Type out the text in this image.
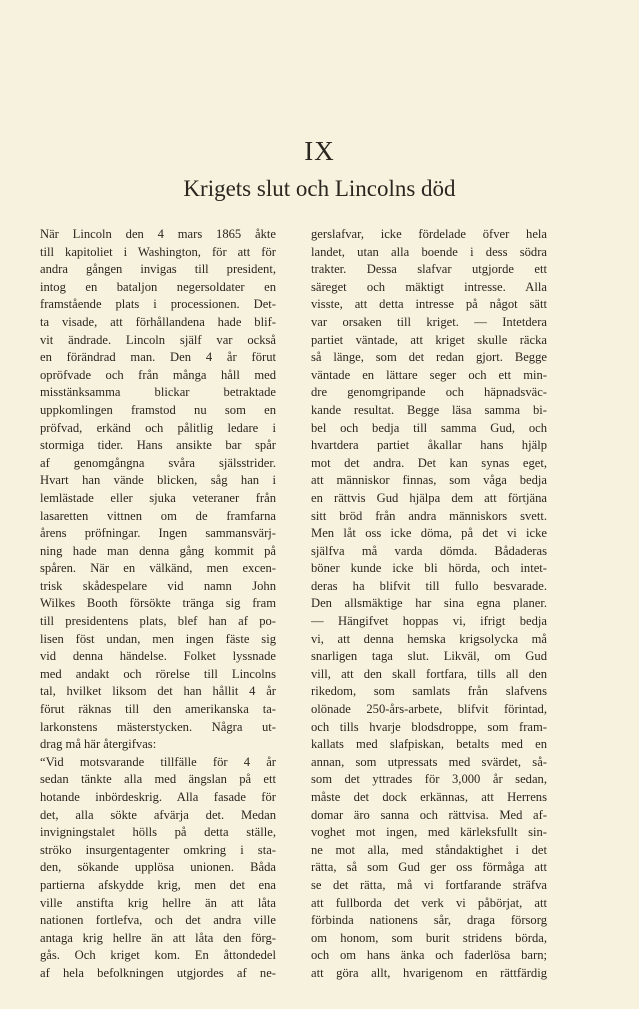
IX
Krigets slut och Lincolns död
När Lincoln den 4 mars 1865 åkte
till kapitoliet i Washington, för att för
andra gången invigas till president,
intog en bataljon negersoldater en
framstående plats i processionen. Det-
ta visade, att förhållandena hade blif-
vit ändrade. Lincoln själf var också
en förändrad man. Den 4 år förut
opröfvade och från många håll med
misstänksamma blickar betraktade
uppkomlingen framstod nu som en
pröfvad, erkänd och pålitlig ledare i
stormiga tider. Hans ansikte bar spår
af genomgångna svåra själsstrider.
Hvart han vände blicken, såg han i
lemlästade eller sjuka veteraner från
lasaretten vittnen om de framfarna
årens pröfningar. Ingen sammansvärj-
ning hade man denna gång kommit på
spåren. När en välkänd, men excen-
trisk skådespelare vid namn John
Wilkes Booth försökte tränga sig fram
till presidentens plats, blef han af po-
lisen föst undan, men ingen fäste sig
vid denna händelse. Folket lyssnade
med andakt och rörelse till Lincolns
tal, hvilket liksom det han hållit 4 år
förut räknas till den amerikanska ta-
larkonstens mästerstycken. Några ut-
drag må här återgifvas:
“Vid motsvarande tillfälle för 4 år
sedan tänkte alla med ängslan på ett
hotande inbördeskrig. Alla fasade för
det, alla sökte afvärja det. Medan
invigningstalet hölls på detta ställe,
ströko insurgentagenter omkring i sta-
den, sökande upplösa unionen. Båda
partierna afskydde krig, men det ena
ville anstifta krig hellre än att låta
nationen fortlefva, och det andra ville
antaga krig hellre än att låta den förg-
gås. Och kriget kom. En åttondedel
af hela befolkningen utgjordes af ne-
gerslafvar, icke fördelade öfver hela
landet, utan alla boende i dess södra
trakter. Dessa slafvar utgjorde ett
säreget och mäktigt intresse. Alla
visste, att detta intresse på något sätt
var orsaken till kriget. — Intetdera
partiet väntade, att kriget skulle räcka
så länge, som det redan gjort. Begge
väntade en lättare seger och ett min-
dre genomgripande och häpnadsväc-
kande resultat. Begge läsa samma bi-
bel och bedja till samma Gud, och
hvartdera partiet åkallar hans hjälp
mot det andra. Det kan synas eget,
att människor finnas, som våga bedja
en rättvis Gud hjälpa dem att förtjäna
sitt bröd från andra människors svett.
Men låt oss icke döma, på det vi icke
själfva må varda dömda. Bådaderas
böner kunde icke bli hörda, och intet-
deras ha blifvit till fullo besvarade.
Den allsmäktige har sina egna planer.
— Hängifvet hoppas vi, ifrigt bedja
vi, att denna hemska krigsolycka må
snarligen taga slut. Likväl, om Gud
vill, att den skall fortfara, tills all den
rikedom, som samlats från slafvens
olönade 250-års-arbete, blifvit förintad,
och tills hvarje blodsdroppe, som fram-
kallats med slafpiskan, betalts med en
annan, som utpressats med svärdet, så-
som det yttrades för 3,000 år sedan,
måste det dock erkännas, att Herrens
domar äro sanna och rättvisa. Med af-
voghet mot ingen, med kärleksfullt sin-
ne mot alla, med ståndaktighet i det
rätta, så som Gud ger oss förmåga att
se det rätta, må vi fortfarande sträfva
att fullborda det verk vi påbörjat, att
förbinda nationens sår, draga försorg
om honom, som burit stridens börda,
och om hans änka och faderlösa barn;
att göra allt, hvarigenom en rättfärdig
